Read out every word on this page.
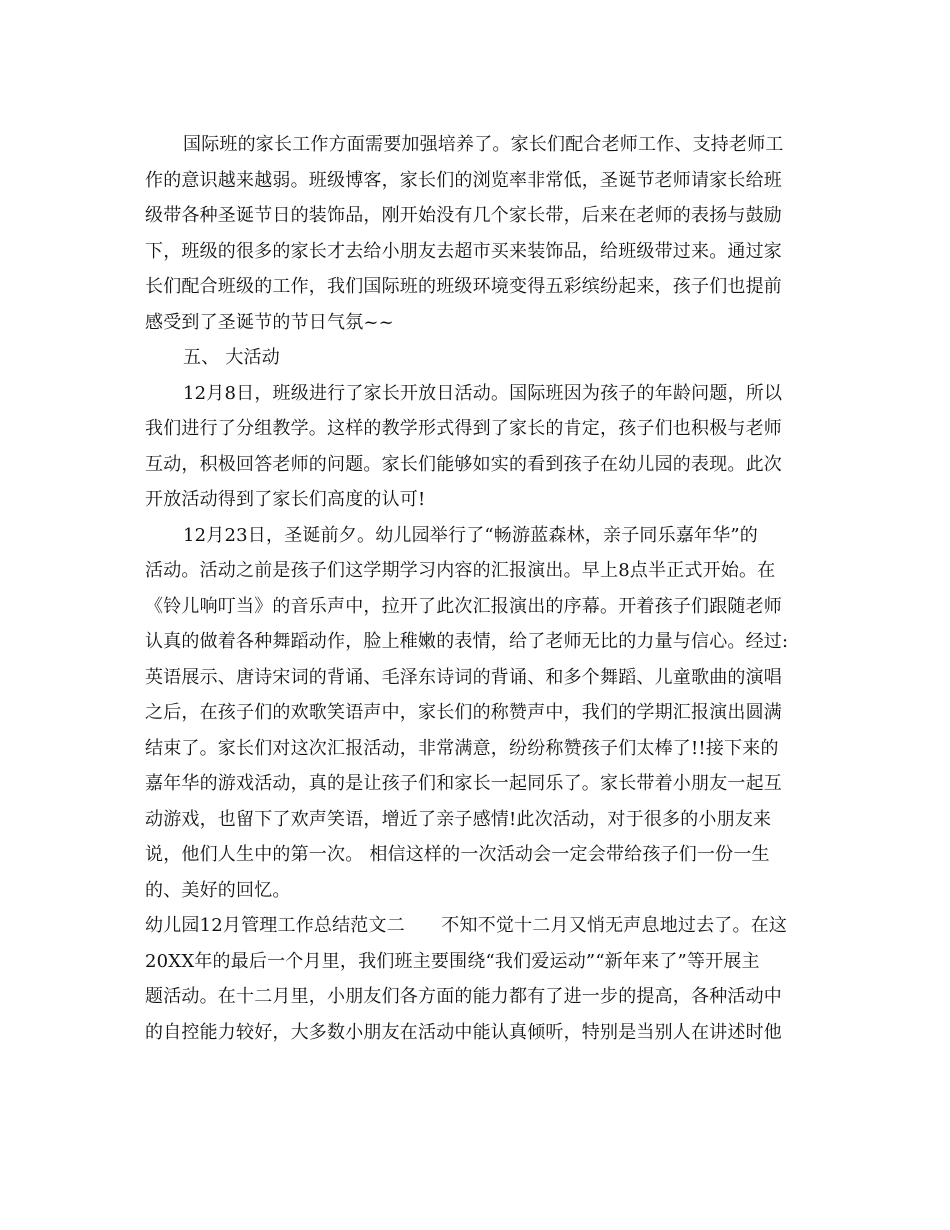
国际班的家长工作方面需要加强培养了。家长们配合老师工作、支持老师工
作的意识越来越弱。班级博客，家长们的浏览率非常低，圣诞节老师请家长给班
级带各种圣诞节日的装饰品，刚开始没有几个家长带，后来在老师的表扬与鼓励
下，班级的很多的家长才去给小朋友去超市买来装饰品，给班级带过来。通过家
长们配合班级的工作，我们国际班的班级环境变得五彩缤纷起来，孩子们也提前
感受到了圣诞节的节日气氛~~
五、 大活动
12月8日，班级进行了家长开放日活动。国际班因为孩子的年龄问题，所以
我们进行了分组教学。这样的教学形式得到了家长的肯定，孩子们也积极与老师
互动，积极回答老师的问题。家长们能够如实的看到孩子在幼儿园的表现。此次
开放活动得到了家长们高度的认可!
12月23日，圣诞前夕。幼儿园举行了“畅游蓝森林，亲子同乐嘉年华”的
活动。活动之前是孩子们这学期学习内容的汇报演出。早上8点半正式开始。在
《铃儿响叮当》的音乐声中，拉开了此次汇报演出的序幕。开着孩子们跟随老师
认真的做着各种舞蹈动作，脸上稚嫩的表情，给了老师无比的力量与信心。经过:
英语展示、唐诗宋词的背诵、毛泽东诗词的背诵、和多个舞蹈、儿童歌曲的演唱
之后，在孩子们的欢歌笑语声中，家长们的称赞声中，我们的学期汇报演出圆满
结束了。家长们对这次汇报活动，非常满意，纷纷称赞孩子们太棒了!!接下来的
嘉年华的游戏活动，真的是让孩子们和家长一起同乐了。家长带着小朋友一起互
动游戏，也留下了欢声笑语，增近了亲子感情!此次活动，对于很多的小朋友来
说，他们人生中的第一次。 相信这样的一次活动会一定会带给孩子们一份一生
的、美好的回忆。
幼儿园12月管理工作总结范文二　　不知不觉十二月又悄无声息地过去了。在这
20XX年的最后一个月里，我们班主要围绕“我们爱运动”“新年来了”等开展主
题活动。在十二月里，小朋友们各方面的能力都有了进一步的提高，各种活动中
的自控能力较好，大多数小朋友在活动中能认真倾听，特别是当别人在讲述时他
